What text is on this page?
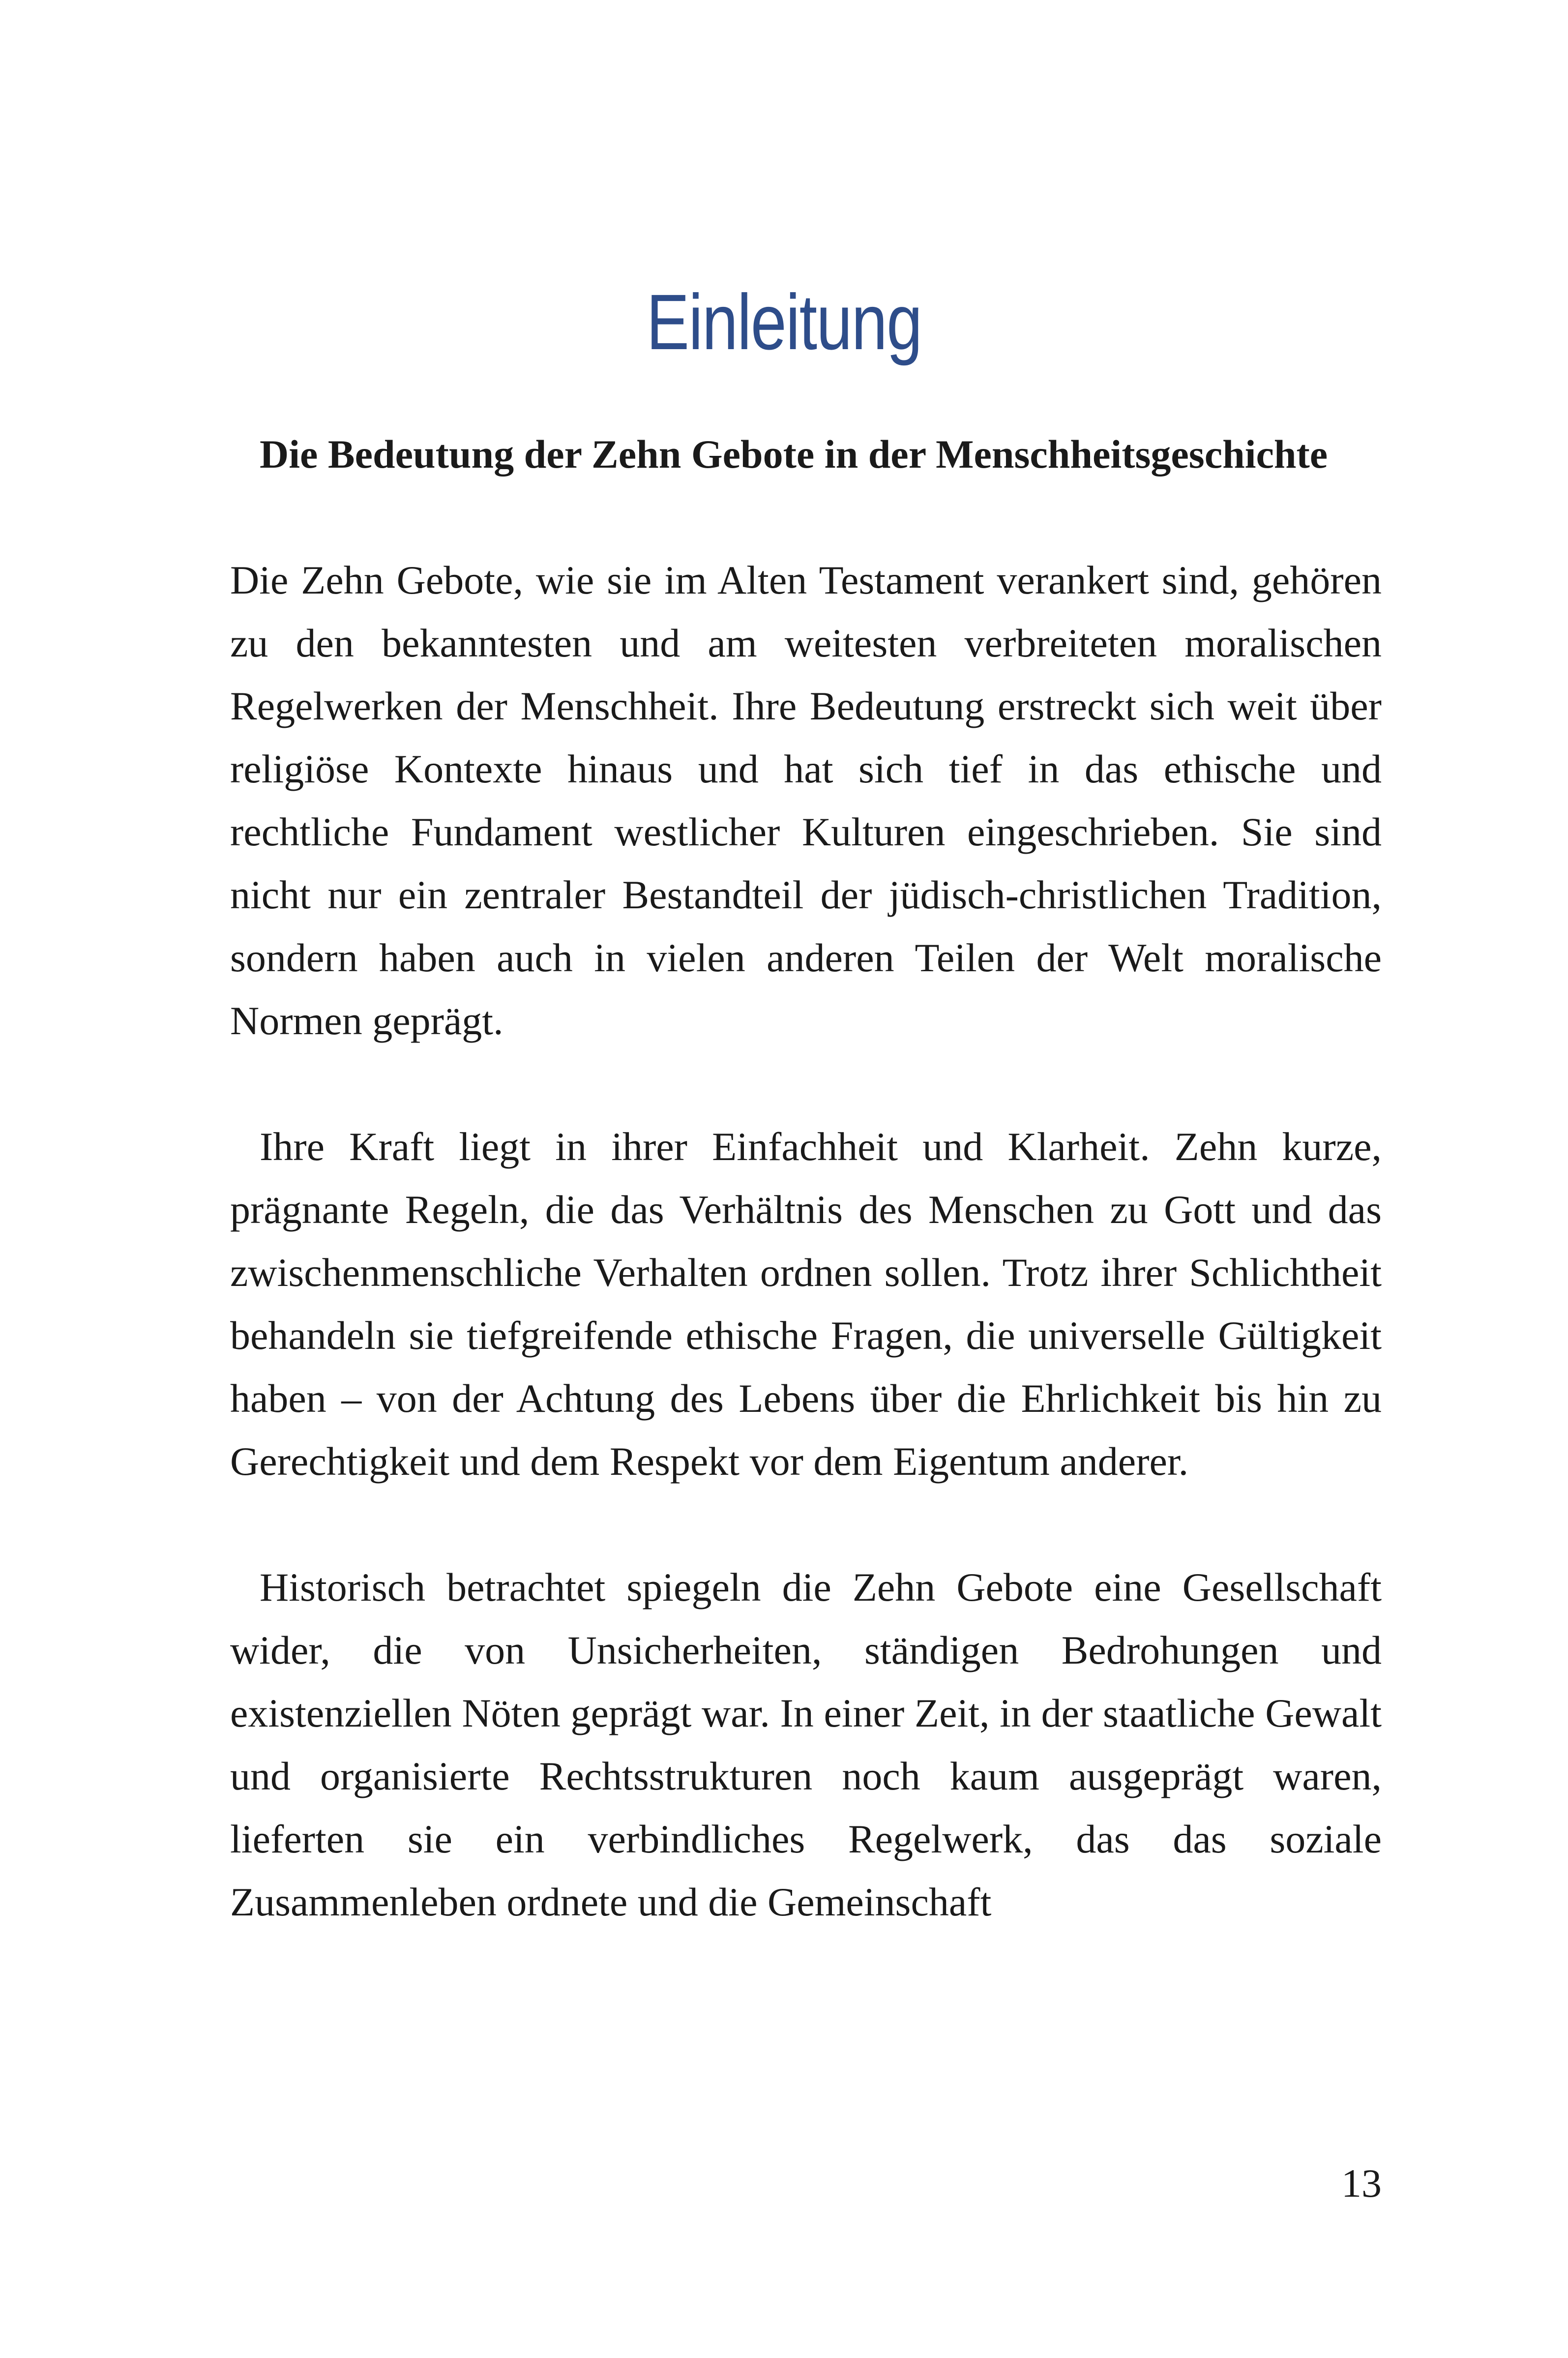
Einleitung
Die Bedeutung der Zehn Gebote in der Menschheitsgeschichte

Die Zehn Gebote, wie sie im Alten Testament verankert sind, gehören zu den bekanntesten und am weitesten verbreiteten moralischen Regelwerken der Menschheit. Ihre Bedeutung erstreckt sich weit über religiöse Kontexte hinaus und hat sich tief in das ethische und rechtliche Fundament westlicher Kulturen eingeschrieben. Sie sind nicht nur ein zentraler Bestandteil der jüdisch-christlichen Tradition, sondern haben auch in vielen anderen Teilen der Welt moralische Normen geprägt.

Ihre Kraft liegt in ihrer Einfachheit und Klarheit. Zehn kurze, prägnante Regeln, die das Verhältnis des Menschen zu Gott und das zwischenmenschliche Verhalten ordnen sollen. Trotz ihrer Schlichtheit behandeln sie tiefgreifende ethische Fragen, die universelle Gültigkeit haben – von der Achtung des Lebens über die Ehrlichkeit bis hin zu Gerechtigkeit und dem Respekt vor dem Eigentum anderer.

Historisch betrachtet spiegeln die Zehn Gebote eine Gesellschaft wider, die von Unsicherheiten, ständigen Bedrohungen und existenziellen Nöten geprägt war. In einer Zeit, in der staatliche Gewalt und organisierte Rechtsstrukturen noch kaum ausgeprägt waren, lieferten sie ein verbindliches Regelwerk, das das soziale Zusammenleben ordnete und die Gemeinschaft

13
